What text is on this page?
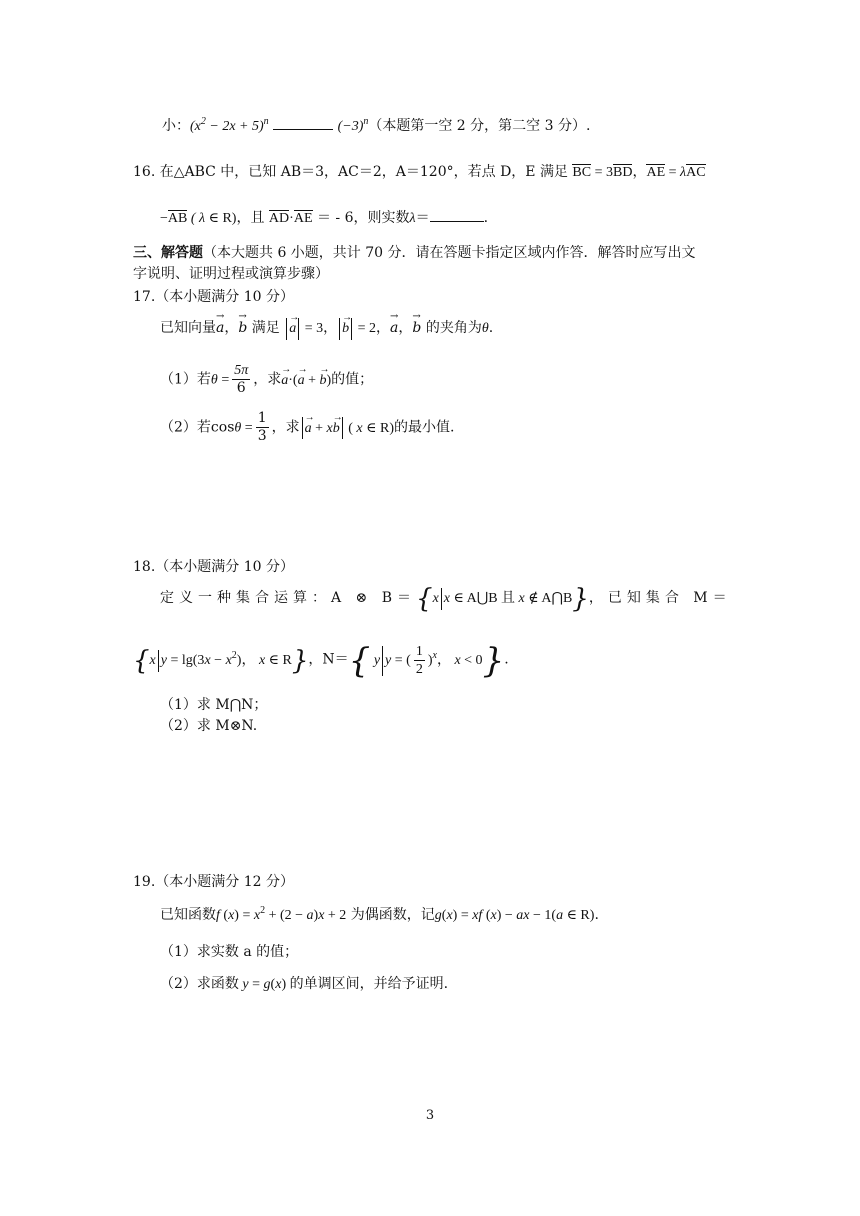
小：$(x^2 - 2x + 5)^n$	$(-3)^n$（本题第一空 2 分，第二空 3 分）.
16. 在△ABC 中，已知 AB＝3，AC＝2，A＝120°，若点 D，E 满足 BC = 3BD，AE = λAC
−AB ( λ ∈ R)，且 AD·AE ＝ - 6，则实数λ＝	.
三、解答题（本大题共 6 小题，共计 70 分．请在答题卡指定区域内作答．解答时应写出文
字说明、证明过程或演算步骤）
17.（本小题满分 10 分）
已知向量→ a，→ b 满足 → a = 3， → b = 2，→ a，→ b 的夹角为θ.
（1）若$\theta = \frac{5\pi}{6}$ ，求→ a·(→ a + → b)的值；
（2）若$\cos\theta = \frac{1}{3}$ ，求 → a + x→ b ( x ∈ R)的最小值.
18.（本小题满分 10 分）
定义一种集合运算：A ⊗ B＝{x x ∈ A⋃B 且 x ∉ A⋂B}，已知集合 M＝
{x $y = \lg(3x - x^2)$， x ∈ R}，N＝{ y y = ( $\frac{1}{2} )^x$， x < 0}.
（1）求 M⋂N；
（2）求 M⊗N.
19.（本小题满分 12 分）
已知函数f $(x) = x^2 + (2 - a)x + 2$ 为偶函数，记g(x) = xf (x) − ax − 1(a ∈ R).
（1）求实数 a 的值；
（2）求函数 y = g(x) 的单调区间，并给予证明.
3
